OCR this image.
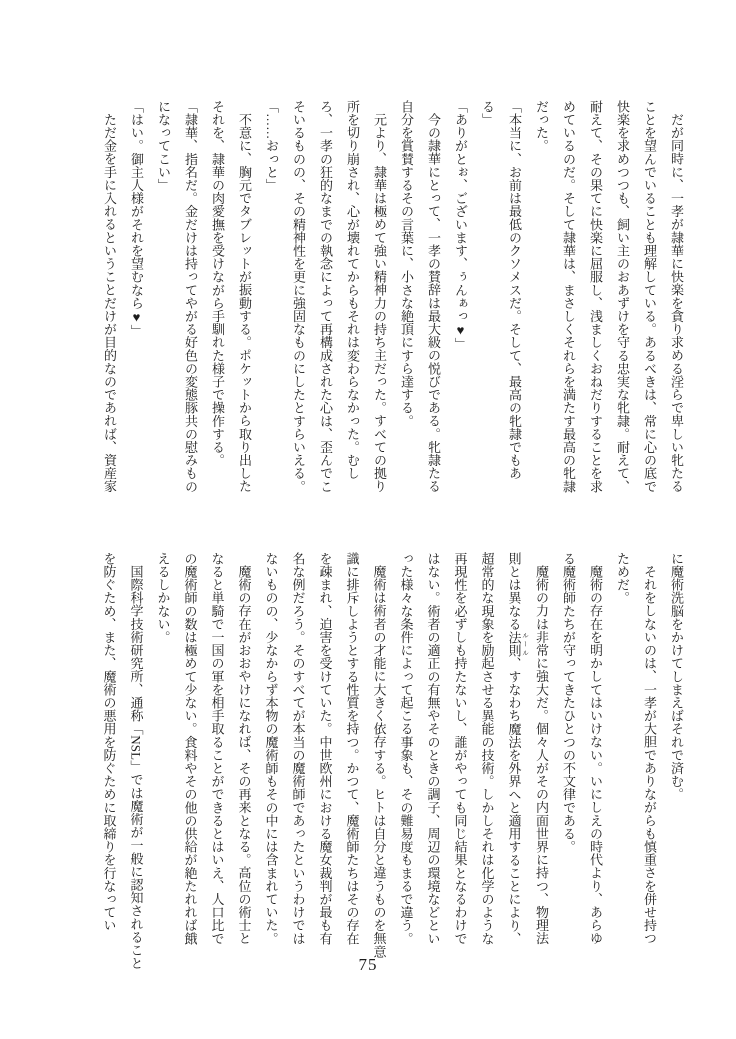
だが同時に、一孝が隷華に快楽を貪り求める淫らで卑しい牝たる

ことを望んでいることも理解している。あるべきは、常に心の底で

快楽を求めつつも、飼い主のおあずけを守る忠実な牝隷。耐えて、

耐えて、その果てに快楽に屈服し、浅ましくおねだりすることを求

めているのだ。そして隷華は、まさしくそれらを満たす最高の牝隷

だった。

「本当に、お前は最低のクソメスだ。そして、最高の牝隷でもあ

る」

「ありがとぉ、ございます、ぅんぁっ♥」

今の隷華にとって、一孝の賛辞は最大級の悦びである。牝隷たる

自分を賞賛するその言葉に、小さな絶頂にすら達する。

元より、隷華は極めて強い精神力の持ち主だった。すべての拠り

所を切り崩され、心が壊れてからもそれは変わらなかった。むし

ろ、一孝の狂的なまでの執念によって再構成された心は、歪んでこ

そいるものの、その精神性を更に強固なものにしたとすらいえる。

「……おっと」

不意に、胸元でタブレットが振動する。ポケットから取り出した

それを、隷華の肉愛撫を受けながら手馴れた様子で操作する。

「隷華、指名だ。金だけは持ってやがる好色の変態豚共の慰みもの

になってこい」

「はい。御主人様がそれを望むなら♥」

ただ金を手に入れるということだけが目的なのであれば、資産家

に魔術洗脳をかけてしまえばそれで済む。

それをしないのは、一孝が大胆でありながらも慎重さを併せ持つ

ためだ。

魔術の存在を明かしてはいけない。いにしえの時代より、あらゆ

る魔術師たちが守ってきたひとつの不文律である。

魔術の力は非常に強大だ。個々人がその内面世界に持つ、物理法

則とは異なる法則 ルール、すなわち魔法を外界へと適用することにより、

超常的な現象を励起させる異能の技術。しかしそれは化学のような

再現性を必ずしも持たないし、誰がやっても同じ結果となるわけで

はない。術者の適正の有無やそのときの調子、周辺の環境などとい

った様々な条件によって起こる事象も、その難易度もまるで違う。

魔術は術者の才能に大きく依存する。ヒトは自分と違うものを無意

識に排斥しようとする性質を持つ。かつて、魔術師たちはその存在

を疎まれ、迫害を受けていた。中世欧州における魔女裁判が最も有

名な例だろう。そのすべてが本当の魔術師であったというわけでは

ないものの、少なからず本物の魔術師もその中には含まれていた。

魔術の存在がおおやけになれば、その再来となる。高位の術士と

なると単騎で一国の軍を相手取ることができるとはいえ、人口比で

の魔術師の数は極めて少ない。食料やその他の供給が絶たれれば餓

えるしかない。

国際科学技術研究所、通称「NSL」では魔術が一般に認知されること

を防ぐため、また、魔術の悪用を防ぐために取締りを行なってい

75
